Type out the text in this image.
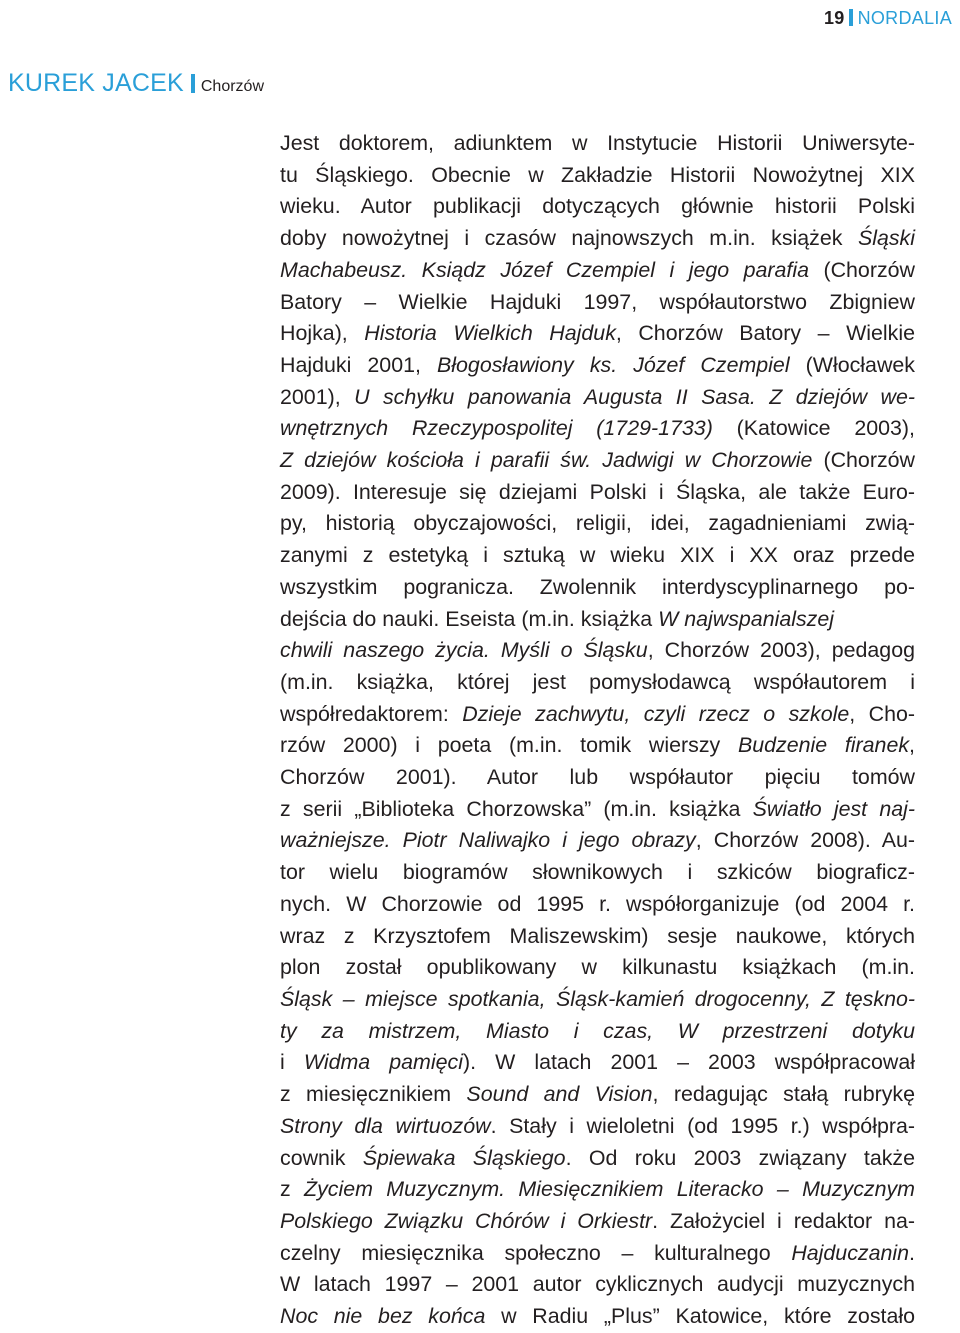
19 NORDALIA
KUREK JACEK Chorzów
Jest doktorem, adiunktem w Instytucie Historii Uniwersyte-
tu Śląskiego. Obecnie w Zakładzie Historii Nowożytnej XIX
wieku. Autor publikacji dotyczących głównie historii Polski
doby nowożytnej i czasów najnowszych m.in. książek Śląski
Machabeusz. Ksiądz Józef Czempiel i jego parafia (Chorzów
Batory – Wielkie Hajduki 1997, współautorstwo Zbigniew
Hojka), Historia Wielkich Hajduk, Chorzów Batory – Wielkie
Hajduki 2001, Błogosławiony ks. Józef Czempiel (Włocławek
2001), U schyłku panowania Augusta II Sasa. Z dziejów we-
wnętrznych Rzeczypospolitej (1729-1733) (Katowice 2003),
Z dziejów kościoła i parafii św. Jadwigi w Chorzowie (Chorzów
2009). Interesuje się dziejami Polski i Śląska, ale także Euro-
py, historią obyczajowości, religii, idei, zagadnieniami zwią-
zanymi z estetyką i sztuką w wieku XIX i XX oraz przede
wszystkim pogranicza. Zwolennik interdyscyplinarnego po-
dejścia do nauki. Eseista (m.in. książka W najwspanialszej
chwili naszego życia. Myśli o Śląsku, Chorzów 2003), pedagog
(m.in. książka, której jest pomysłodawcą współautorem i
współredaktorem: Dzieje zachwytu, czyli rzecz o szkole, Cho-
rzów 2000) i poeta (m.in. tomik wierszy Budzenie firanek,
Chorzów 2001). Autor lub współautor pięciu tomów
z serii „Biblioteka Chorzowska” (m.in. książka Światło jest naj-
ważniejsze. Piotr Naliwajko i jego obrazy, Chorzów 2008). Au-
tor wielu biogramów słownikowych i szkiców biograficz-
nych. W Chorzowie od 1995 r. współorganizuje (od 2004 r.
wraz z Krzysztofem Maliszewskim) sesje naukowe, których
plon został opublikowany w kilkunastu książkach (m.in.
Śląsk – miejsce spotkania, Śląsk-kamień drogocenny, Z tęskno-
ty za mistrzem, Miasto i czas, W przestrzeni dotyku
i Widma pamięci). W latach 2001 – 2003 współpracował
z miesięcznikiem Sound and Vision, redagując stałą rubrykę
Strony dla wirtuozów. Stały i wieloletni (od 1995 r.) współpra-
cownik Śpiewaka Śląskiego. Od roku 2003 związany także
z Życiem Muzycznym. Miesięcznikiem Literacko – Muzycznym
Polskiego Związku Chórów i Orkiestr. Założyciel i redaktor na-
czelny miesięcznika społeczno – kulturalnego Hajduczanin.
W latach 1997 – 2001 autor cyklicznych audycji muzycznych
Noc nie bez końca w Radiu „Plus” Katowice, które zostało
